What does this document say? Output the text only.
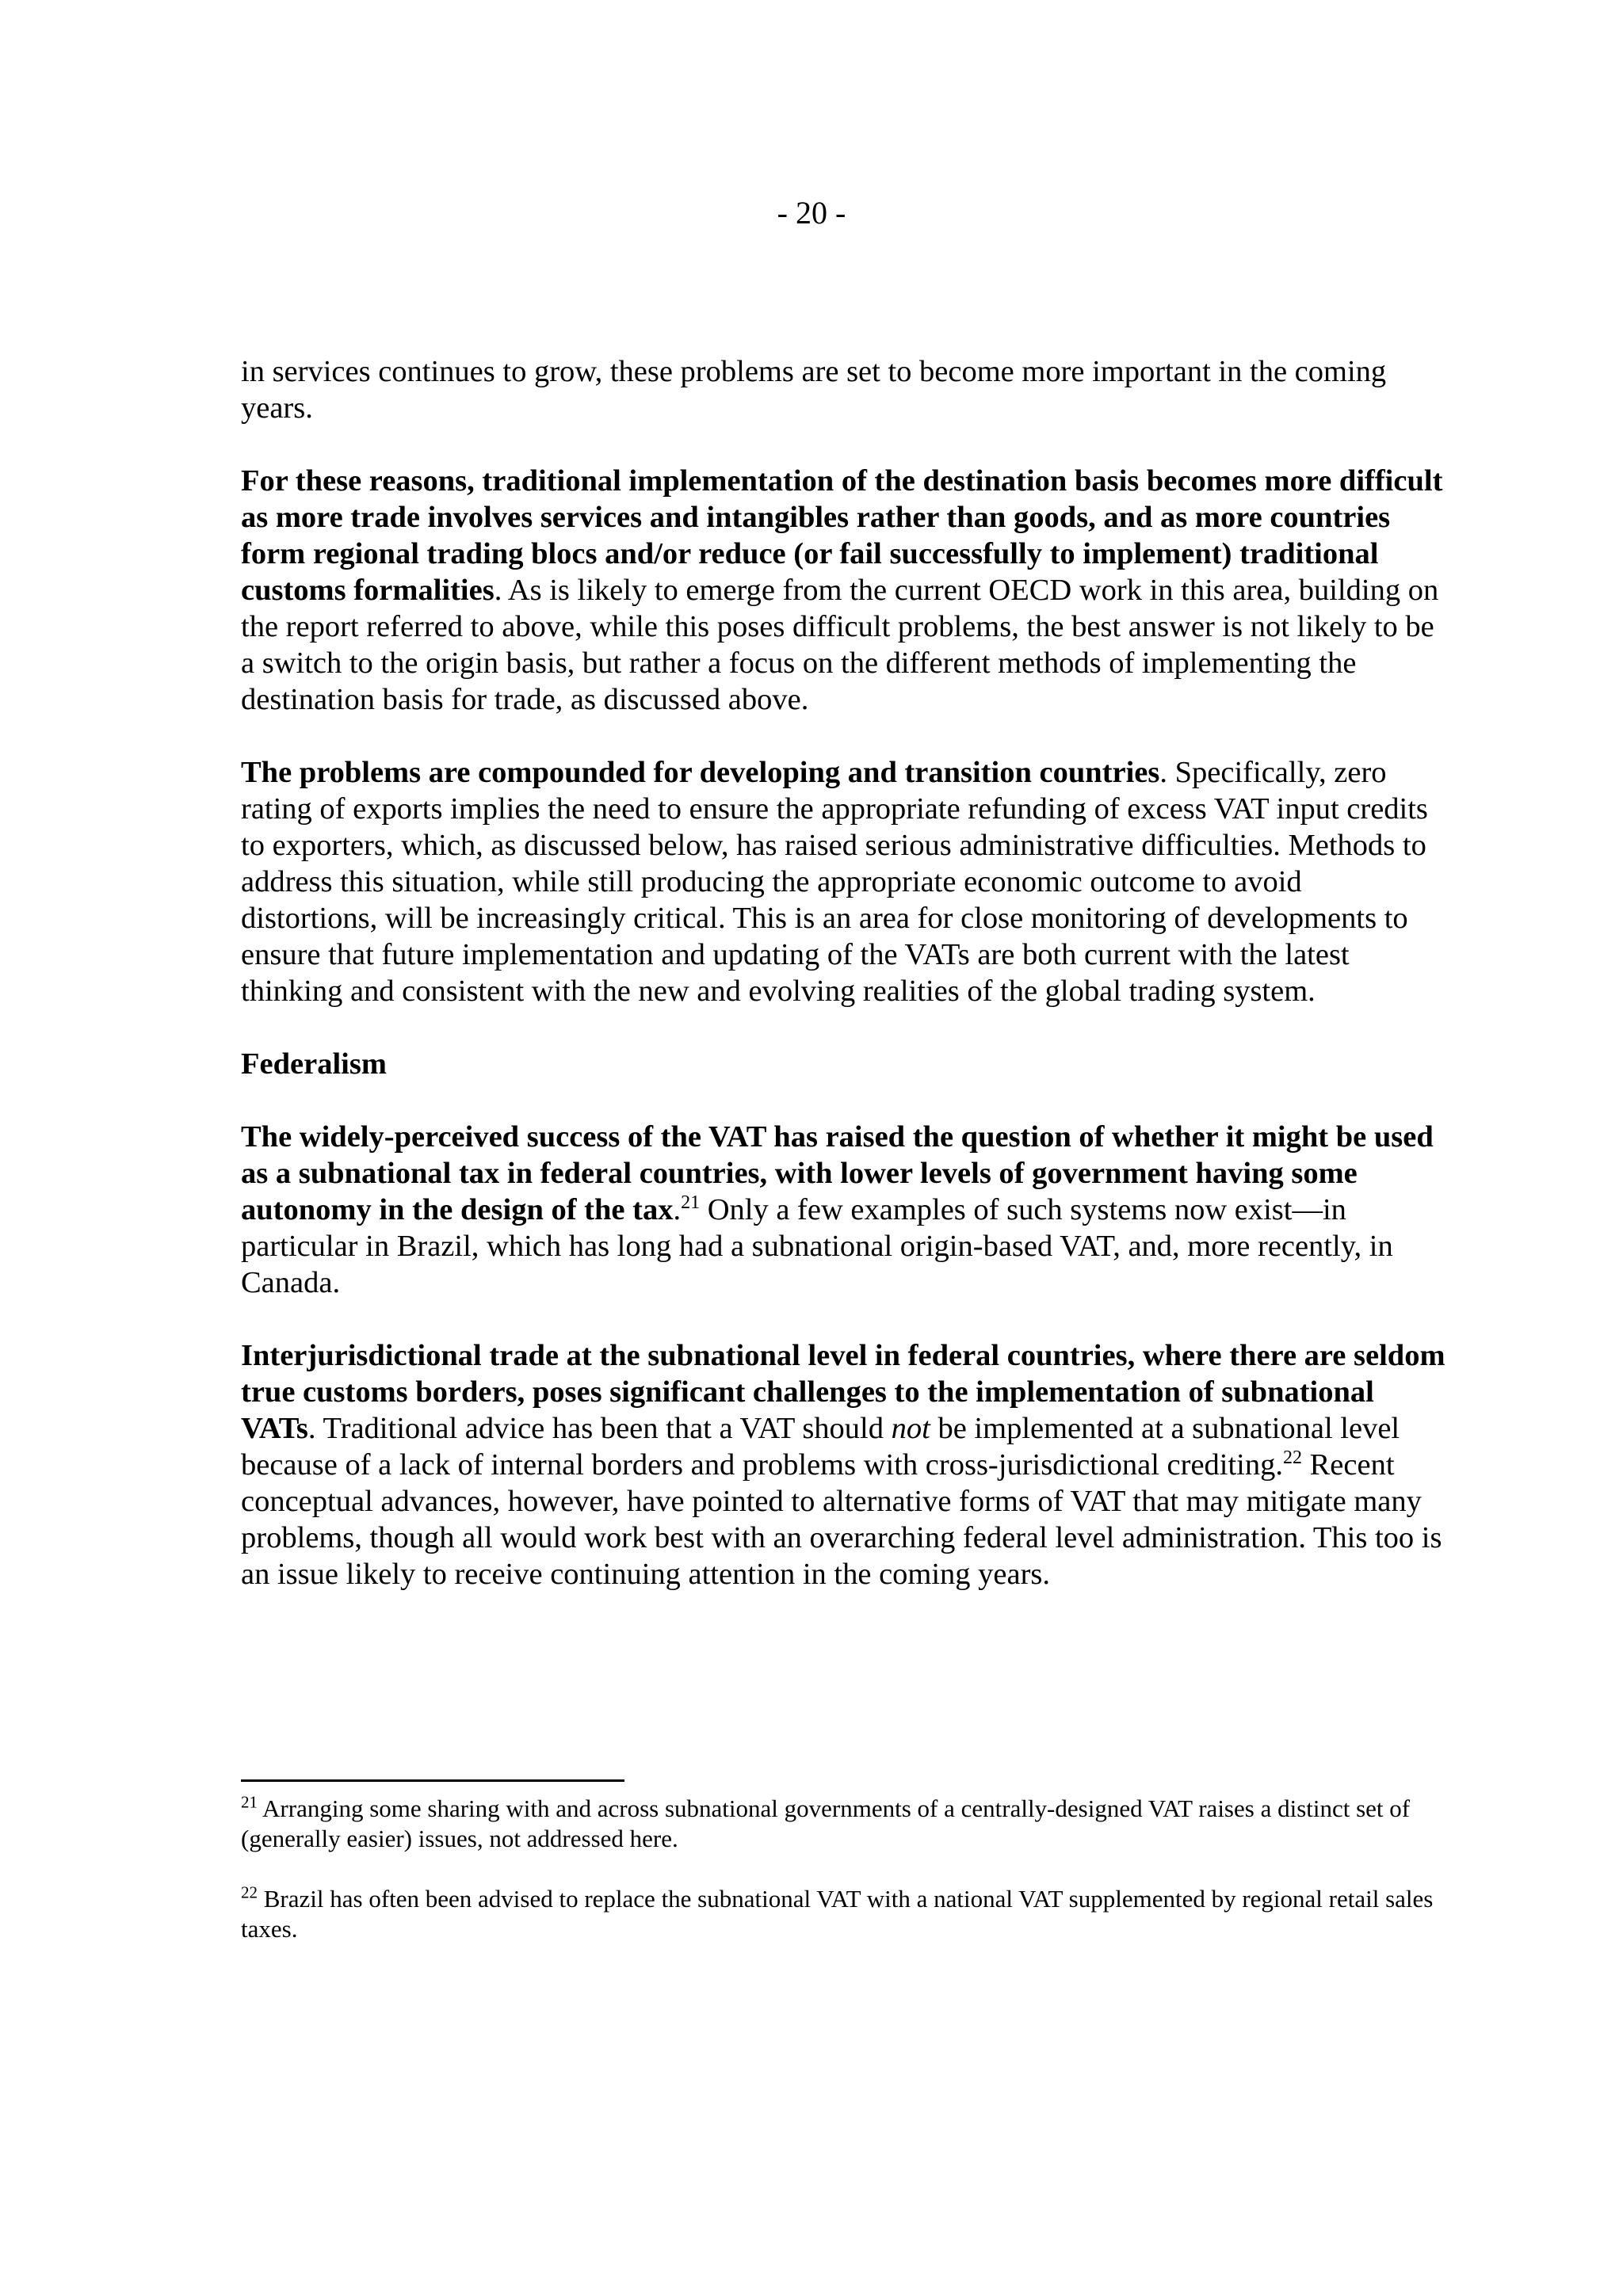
- 20 -

in services continues to grow, these problems are set to become more important in the coming years.

For these reasons, traditional implementation of the destination basis becomes more difficult as more trade involves services and intangibles rather than goods, and as more countries form regional trading blocs and/or reduce (or fail successfully to implement) traditional customs formalities. As is likely to emerge from the current OECD work in this area, building on the report referred to above, while this poses difficult problems, the best answer is not likely to be a switch to the origin basis, but rather a focus on the different methods of implementing the destination basis for trade, as discussed above.

The problems are compounded for developing and transition countries. Specifically, zero rating of exports implies the need to ensure the appropriate refunding of excess VAT input credits to exporters, which, as discussed below, has raised serious administrative difficulties. Methods to address this situation, while still producing the appropriate economic outcome to avoid distortions, will be increasingly critical. This is an area for close monitoring of developments to ensure that future implementation and updating of the VATs are both current with the latest thinking and consistent with the new and evolving realities of the global trading system.

Federalism

The widely-perceived success of the VAT has raised the question of whether it might be used as a subnational tax in federal countries, with lower levels of government having some autonomy in the design of the tax.$^{21}$ Only a few examples of such systems now exist—in particular in Brazil, which has long had a subnational origin-based VAT, and, more recently, in Canada.

Interjurisdictional trade at the subnational level in federal countries, where there are seldom true customs borders, poses significant challenges to the implementation of subnational VATs. Traditional advice has been that a VAT should not be implemented at a subnational level because of a lack of internal borders and problems with cross-jurisdictional crediting.$^{22}$ Recent conceptual advances, however, have pointed to alternative forms of VAT that may mitigate many problems, though all would work best with an overarching federal level administration. This too is an issue likely to receive continuing attention in the coming years.

$^{21}$ Arranging some sharing with and across subnational governments of a centrally-designed VAT raises a distinct set of (generally easier) issues, not addressed here.

$^{22}$ Brazil has often been advised to replace the subnational VAT with a national VAT supplemented by regional retail sales taxes.
